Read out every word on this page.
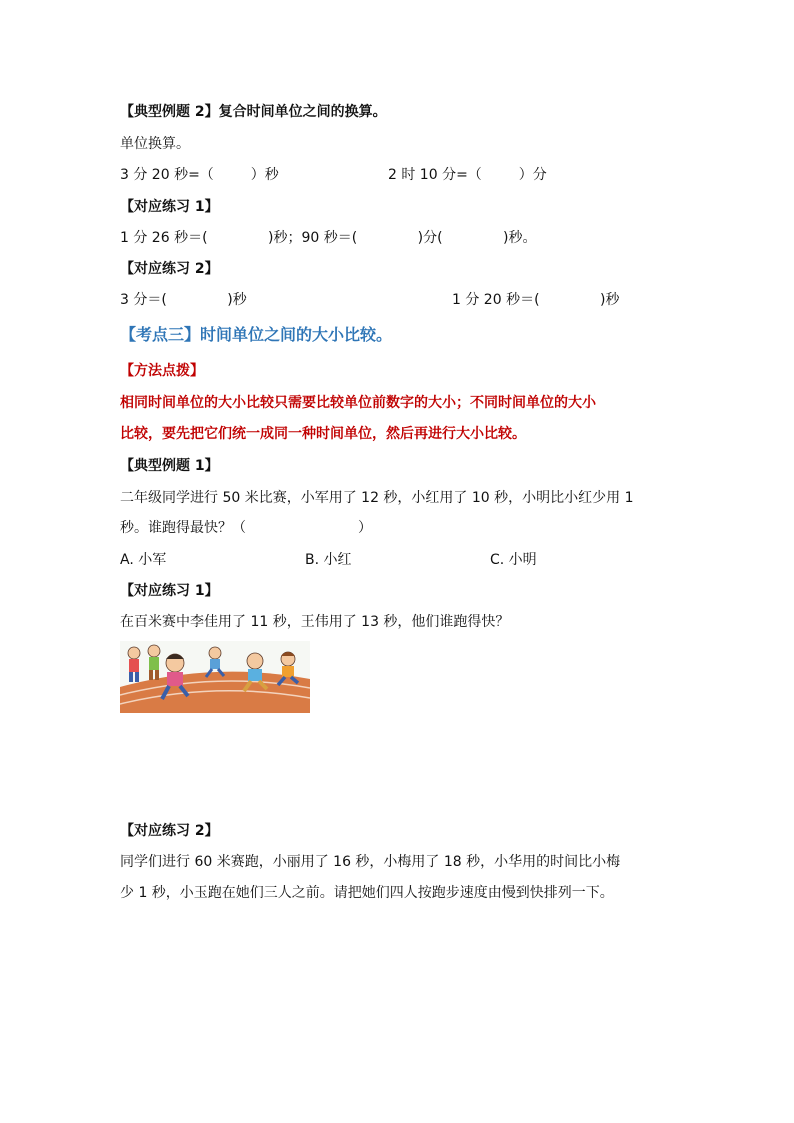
【典型例题 2】复合时间单位之间的换算。
单位换算。
3 分 20 秒=（　　  ）秒	2 时 10 分=（　　  ）分
【对应练习 1】
1 分 26 秒＝(　　　　 )秒；90 秒＝(　　　　 )分(　　　　 )秒。
【对应练习 2】
3 分＝(　　　　 )秒	1 分 20 秒＝(　　　　 )秒
【考点三】时间单位之间的大小比较。
【方法点拨】
相同时间单位的大小比较只需要比较单位前数字的大小；不同时间单位的大小
比较，要先把它们统一成同一种时间单位，然后再进行大小比较。
【典型例题 1】
二年级同学进行 50 米比赛，小军用了 12 秒，小红用了 10 秒，小明比小红少用 1
秒。谁跑得最快？（　　　　　　　　）
A. 小军	B. 小红	C. 小明
【对应练习 1】
在百米赛中李佳用了 11 秒，王伟用了 13 秒，他们谁跑得快？
【对应练习 2】
同学们进行 60 米赛跑，小丽用了 16 秒，小梅用了 18 秒，小华用的时间比小梅
少 1 秒，小玉跑在她们三人之前。请把她们四人按跑步速度由慢到快排列一下。
